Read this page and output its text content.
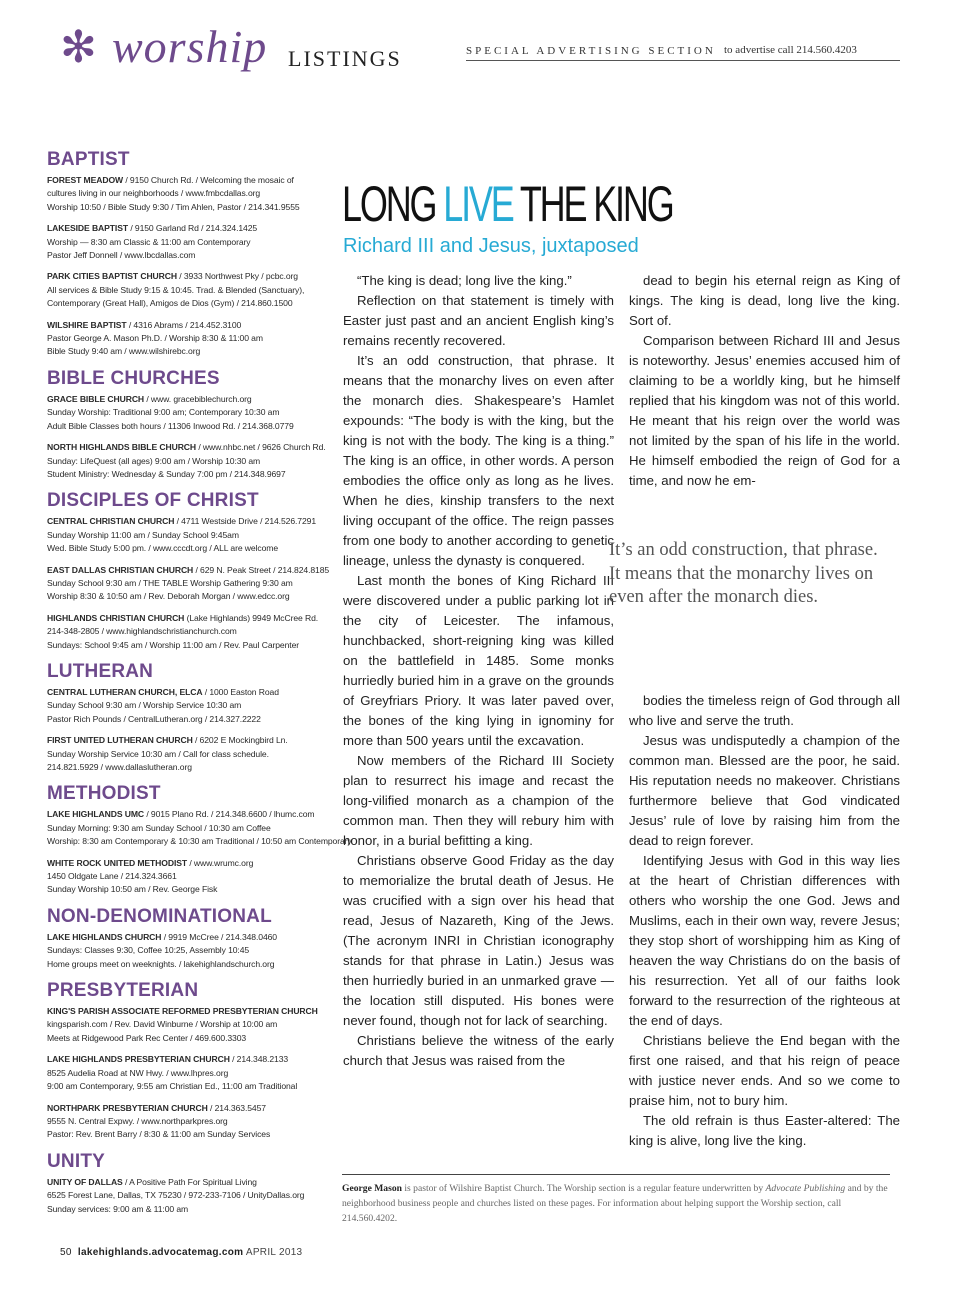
✻ worship LISTINGS	SPECIAL ADVERTISING SECTION to advertise call 214.560.4203
BAPTIST
FOREST MEADOW / 9150 Church Rd. / Welcoming the mosaic of
cultures living in our neighborhoods / www.fmbcdallas.org
Worship 10:50 / Bible Study 9:30 / Tim Ahlen, Pastor / 214.341.9555
LAKESIDE BAPTIST / 9150 Garland Rd / 214.324.1425
Worship — 8:30 am Classic & 11:00 am Contemporary
Pastor Jeff Donnell / www.lbcdallas.com
PARK CITIES BAPTIST CHURCH / 3933 Northwest Pky / pcbc.org
All services & Bible Study 9:15 & 10:45. Trad. & Blended (Sanctuary),
Contemporary (Great Hall), Amigos de Dios (Gym) / 214.860.1500
WILSHIRE BAPTIST / 4316 Abrams / 214.452.3100
Pastor George A. Mason Ph.D. / Worship 8:30 & 11:00 am
Bible Study 9:40 am / www.wilshirebc.org
BIBLE CHURCHES
GRACE BIBLE CHURCH / www. gracebiblechurch.org
Sunday Worship: Traditional 9:00 am; Contemporary 10:30 am
Adult Bible Classes both hours / 11306 Inwood Rd. / 214.368.0779
NORTH HIGHLANDS BIBLE CHURCH / www.nhbc.net / 9626 Church Rd.
Sunday: LifeQuest (all ages) 9:00 am / Worship 10:30 am
Student Ministry: Wednesday & Sunday 7:00 pm / 214.348.9697
DISCIPLES OF CHRIST
CENTRAL CHRISTIAN CHURCH / 4711 Westside Drive / 214.526.7291
Sunday Worship 11:00 am / Sunday School 9:45am
Wed. Bible Study 5:00 pm. / www.cccdt.org / ALL are welcome
EAST DALLAS CHRISTIAN CHURCH / 629 N. Peak Street / 214.824.8185
Sunday School 9:30 am / THE TABLE Worship Gathering 9:30 am
Worship 8:30 & 10:50 am / Rev. Deborah Morgan / www.edcc.org
HIGHLANDS CHRISTIAN CHURCH (Lake Highlands) 9949 McCree Rd.
214-348-2805 / www.highlandschristianchurch.com
Sundays: School 9:45 am / Worship 11:00 am / Rev. Paul Carpenter
LUTHERAN
CENTRAL LUTHERAN CHURCH, ELCA / 1000 Easton Road
Sunday School 9:30 am / Worship Service 10:30 am
Pastor Rich Pounds / CentralLutheran.org / 214.327.2222
FIRST UNITED LUTHERAN CHURCH / 6202 E Mockingbird Ln.
Sunday Worship Service 10:30 am / Call for class schedule.
214.821.5929 / www.dallaslutheran.org
METHODIST
LAKE HIGHLANDS UMC / 9015 Plano Rd. / 214.348.6600 / lhumc.com
Sunday Morning: 9:30 am Sunday School / 10:30 am Coffee
Worship: 8:30 am Contemporary & 10:30 am Traditional / 10:50 am Contemporary
WHITE ROCK UNITED METHODIST / www.wrumc.org
1450 Oldgate Lane / 214.324.3661
Sunday Worship 10:50 am / Rev. George Fisk
NON-DENOMINATIONAL
LAKE HIGHLANDS CHURCH / 9919 McCree / 214.348.0460
Sundays: Classes 9:30, Coffee 10:25, Assembly 10:45
Home groups meet on weeknights. / lakehighlandschurch.org
PRESBYTERIAN
KING'S PARISH ASSOCIATE REFORMED PRESBYTERIAN CHURCH
kingsparish.com / Rev. David Winburne / Worship at 10:00 am
Meets at Ridgewood Park Rec Center / 469.600.3303
LAKE HIGHLANDS PRESBYTERIAN CHURCH / 214.348.2133
8525 Audelia Road at NW Hwy. / www.lhpres.org
9:00 am Contemporary, 9:55 am Christian Ed., 11:00 am Traditional
NORTHPARK PRESBYTERIAN CHURCH / 214.363.5457
9555 N. Central Expwy. / www.northparkpres.org
Pastor: Rev. Brent Barry / 8:30 & 11:00 am Sunday Services
UNITY
UNITY OF DALLAS / A Positive Path For Spiritual Living
6525 Forest Lane, Dallas, TX 75230 / 972-233-7106 / UnityDallas.org
Sunday services: 9:00 am & 11:00 am
LONG LIVE THE KING
Richard III and Jesus, juxtaposed

“The king is dead; long live the king.”

Reflection on that statement is timely with Easter just past and an ancient English king’s remains recently recovered.

It’s an odd construction, that phrase. It means that the monarchy lives on even after the monarch dies. Shakespeare’s Hamlet expounds: “The body is with the king, but the king is not with the body. The king is a thing.” The king is an office, in other words. A person embodies the office only as long as he lives. When he dies, kinship transfers to the next living occupant of the office. The reign passes from one body to another according to genetic lineage, unless the dynasty is conquered.

Last month the bones of King Richard III were discovered under a public parking lot in the city of Leicester. The infamous, hunchbacked, short-reigning king was killed on the battlefield in 1485. Some monks hurriedly buried him in a grave on the grounds of Greyfriars Priory. It was later paved over, the bones of the king lying in ignominy for more than 500 years until the excavation.

Now members of the Richard III Society plan to resurrect his image and recast the long-vilified monarch as a champion of the common man. Then they will rebury him with honor, in a burial befitting a king.

Christians observe Good Friday as the day to memorialize the brutal death of Jesus. He was crucified with a sign over his head that read, Jesus of Nazareth, King of the Jews. (The acronym INRI in Christian iconography stands for that phrase in Latin.) Jesus was then hurriedly buried in an unmarked grave — the location still disputed. His bones were never found, though not for lack of searching.

Christians believe the witness of the early church that Jesus was raised from the

dead to begin his eternal reign as King of kings. The king is dead, long live the king. Sort of.

Comparison between Richard III and Jesus is noteworthy. Jesus’ enemies accused him of claiming to be a worldly king, but he himself replied that his kingdom was not of this world. He meant that his reign over the world was not limited by the span of his life in the world. He himself embodied the reign of God for a time, and now he em-

It’s an odd construction, that phrase. It means that the monarchy lives on even after the monarch dies.

bodies the timeless reign of God through all who live and serve the truth.

Jesus was undisputedly a champion of the common man. Blessed are the poor, he said. His reputation needs no makeover. Christians furthermore believe that God vindicated Jesus’ rule of love by raising him from the dead to reign forever.

Identifying Jesus with God in this way lies at the heart of Christian differences with others who worship the one God. Jews and Muslims, each in their own way, revere Jesus; they stop short of worshipping him as King of heaven the way Christians do on the basis of his resurrection. Yet all of our faiths look forward to the resurrection of the righteous at the end of days.

Christians believe the End began with the first one raised, and that his reign of peace with justice never ends. And so we come to praise him, not to bury him.

The old refrain is thus Easter-altered: The king is alive, long live the king.

George Mason is pastor of Wilshire Baptist Church. The Worship section is a regular feature underwritten by Advocate Publishing and by the neighborhood business people and churches listed on these pages. For information about helping support the Worship section, call 214.560.4202.
50 lakehighlands.advocatemag.com APRIL 2013
